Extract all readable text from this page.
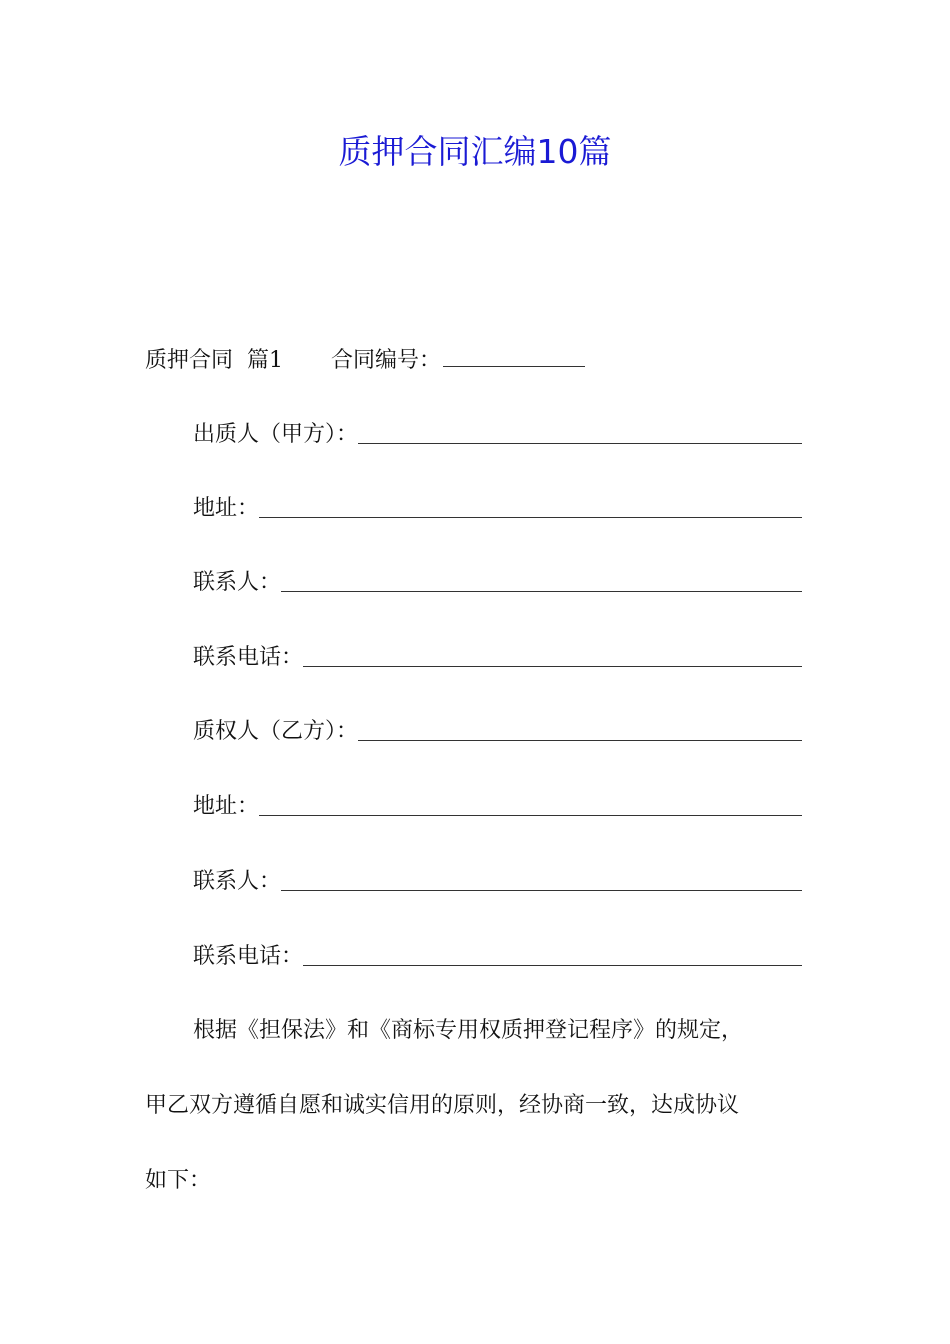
质押合同汇编10篇
质押合同  篇1 合同编号：
出质人（甲方）：
地址：
联系人：
联系电话：
质权人（乙方）：
地址：
联系人：
联系电话：
根据《担保法》和《商标专用权质押登记程序》的规定，
甲乙双方遵循自愿和诚实信用的原则，经协商一致，达成协议
如下：
